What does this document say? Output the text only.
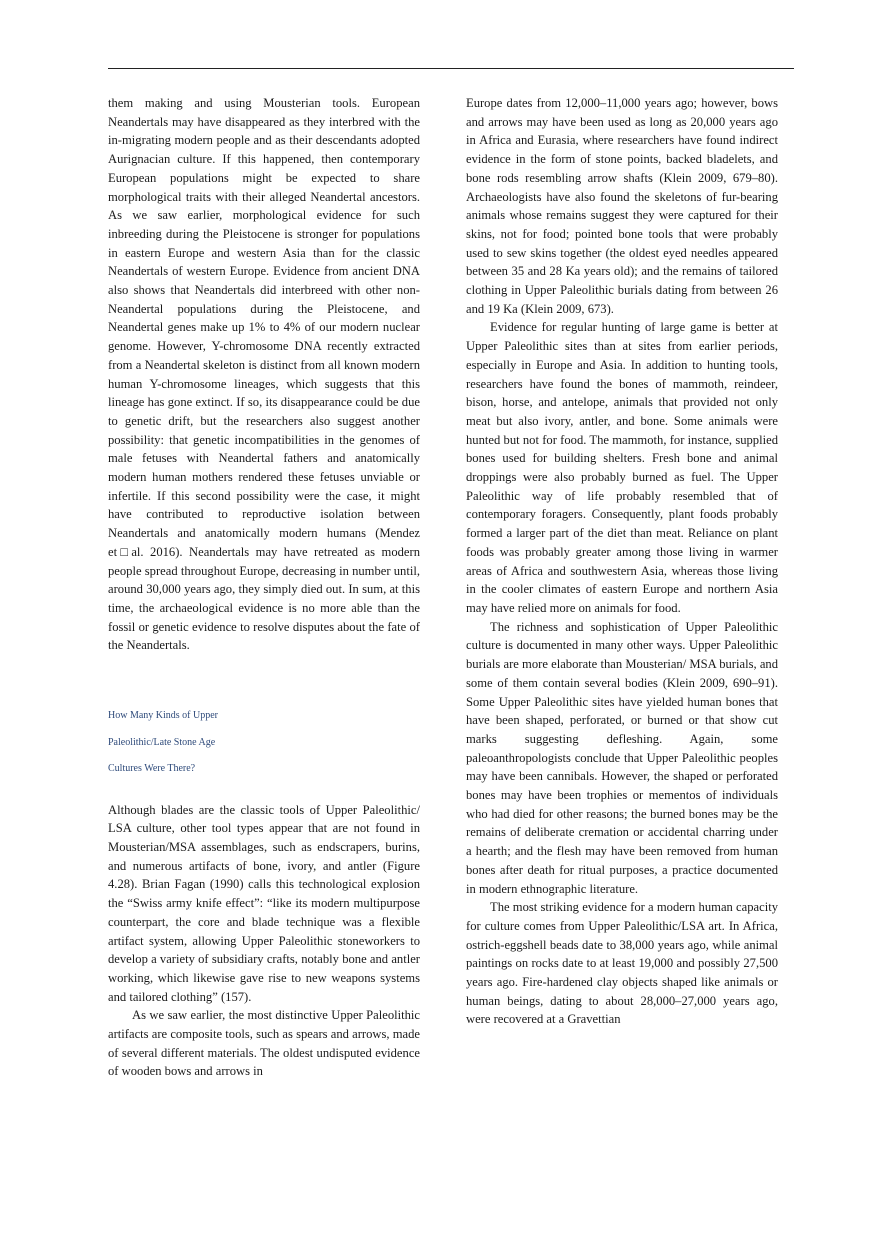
them making and using Mousterian tools. European Neandertals may have disappeared as they interbred with the in-migrating modern people and as their descendants adopted Aurignacian culture. If this happened, then contemporary European populations might be expected to share morphological traits with their alleged Neandertal ancestors. As we saw earlier, morphological evidence for such inbreeding during the Pleistocene is stronger for populations in eastern Europe and western Asia than for the classic Neandertals of western Europe. Evidence from ancient DNA also shows that Neandertals did interbreed with other non-Neandertal populations during the Pleistocene, and Neandertal genes make up 1% to 4% of our modern nuclear genome. However, Y-chromosome DNA recently extracted from a Neandertal skeleton is distinct from all known modern human Y-chromosome lineages, which suggests that this lineage has gone extinct. If so, its disappearance could be due to genetic drift, but the researchers also suggest another possibility: that genetic incompatibilities in the genomes of male fetuses with Neandertal fathers and anatomically modern human mothers rendered these fetuses unviable or infertile. If this second possibility were the case, it might have contributed to reproductive isolation between Neandertals and anatomically modern humans (Mendez et□al. 2016). Neandertals may have retreated as modern people spread throughout Europe, decreasing in number until, around 30,000 years ago, they simply died out. In sum, at this time, the archaeological evidence is no more able than the fossil or genetic evidence to resolve disputes about the fate of the Neandertals.

How Many Kinds of Upper
Paleolithic/Late Stone Age
Cultures Were There?

Although blades are the classic tools of Upper Paleolithic/ LSA culture, other tool types appear that are not found in Mousterian/MSA assemblages, such as endscrapers, burins, and numerous artifacts of bone, ivory, and antler (Figure 4.28). Brian Fagan (1990) calls this technological explosion the “Swiss army knife effect”: “like its modern multipurpose counterpart, the core and blade technique was a flexible artifact system, allowing Upper Paleolithic stoneworkers to develop a variety of subsidiary crafts, notably bone and antler working, which likewise gave rise to new weapons systems and tailored clothing” (157).

As we saw earlier, the most distinctive Upper Paleolithic artifacts are composite tools, such as spears and arrows, made of several different materials. The oldest undisputed evidence of wooden bows and arrows in

Europe dates from 12,000–11,000 years ago; however, bows and arrows may have been used as long as 20,000 years ago in Africa and Eurasia, where researchers have found indirect evidence in the form of stone points, backed bladelets, and bone rods resembling arrow shafts (Klein 2009, 679–80). Archaeologists have also found the skeletons of fur-bearing animals whose remains suggest they were captured for their skins, not for food; pointed bone tools that were probably used to sew skins together (the oldest eyed needles appeared between 35 and 28 Ka years old); and the remains of tailored clothing in Upper Paleolithic burials dating from between 26 and 19 Ka (Klein 2009, 673).

Evidence for regular hunting of large game is better at Upper Paleolithic sites than at sites from earlier periods, especially in Europe and Asia. In addition to hunting tools, researchers have found the bones of mammoth, reindeer, bison, horse, and antelope, animals that provided not only meat but also ivory, antler, and bone. Some animals were hunted but not for food. The mammoth, for instance, supplied bones used for building shelters. Fresh bone and animal droppings were also probably burned as fuel. The Upper Paleolithic way of life probably resembled that of contemporary foragers. Consequently, plant foods probably formed a larger part of the diet than meat. Reliance on plant foods was probably greater among those living in warmer areas of Africa and southwestern Asia, whereas those living in the cooler climates of eastern Europe and northern Asia may have relied more on animals for food.

The richness and sophistication of Upper Paleolithic culture is documented in many other ways. Upper Paleolithic burials are more elaborate than Mousterian/ MSA burials, and some of them contain several bodies (Klein 2009, 690–91). Some Upper Paleolithic sites have yielded human bones that have been shaped, perforated, or burned or that show cut marks suggesting defleshing. Again, some paleoanthropologists conclude that Upper Paleolithic peoples may have been cannibals. However, the shaped or perforated bones may have been trophies or mementos of individuals who had died for other reasons; the burned bones may be the remains of deliberate cremation or accidental charring under a hearth; and the flesh may have been removed from human bones after death for ritual purposes, a practice documented in modern ethnographic literature.

The most striking evidence for a modern human capacity for culture comes from Upper Paleolithic/LSA art. In Africa, ostrich-eggshell beads date to 38,000 years ago, while animal paintings on rocks date to at least 19,000 and possibly 27,500 years ago. Fire-hardened clay objects shaped like animals or human beings, dating to about 28,000–27,000 years ago, were recovered at a Gravettian
